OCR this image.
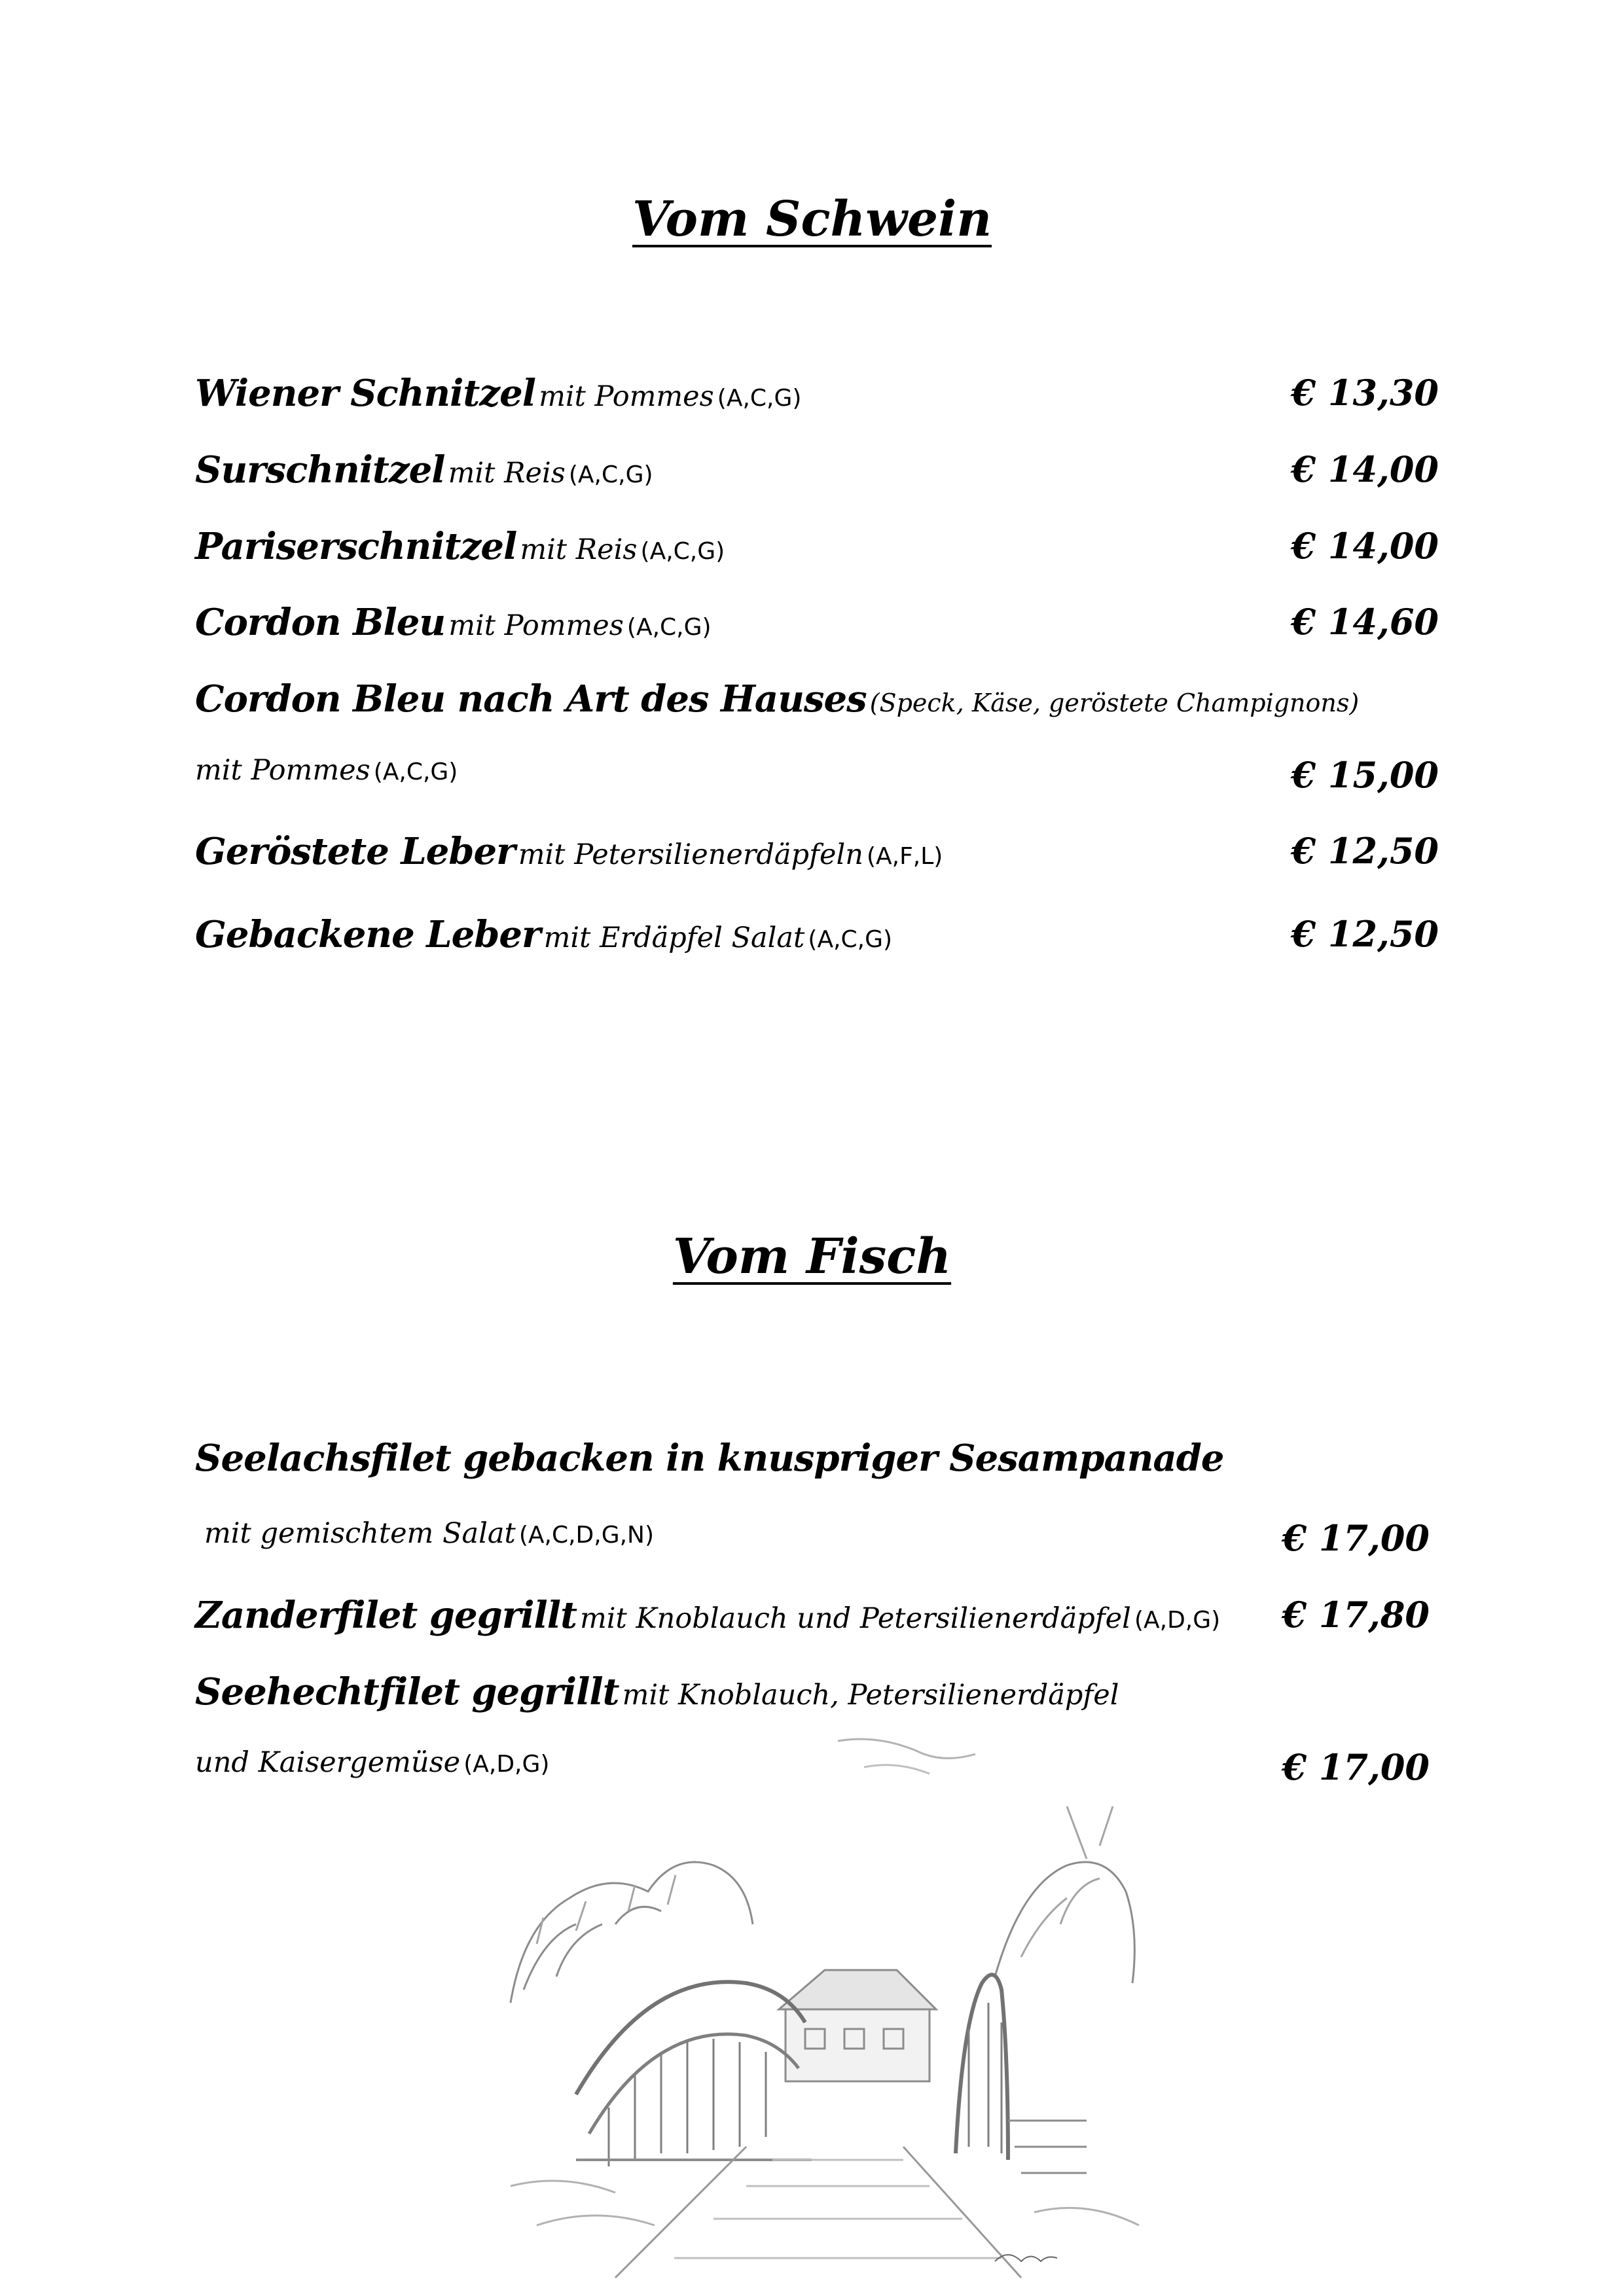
Vom Schwein
Wiener Schnitzel mit Pommes (A,C,G)	€ 13,30
Surschnitzel mit Reis (A,C,G)	€ 14,00
Pariserschnitzel mit Reis (A,C,G)	€ 14,00
Cordon Bleu mit Pommes (A,C,G)	€ 14,60
Cordon Bleu nach Art des Hauses (Speck, Käse, geröstete Champignons)
mit Pommes (A,C,G)	€ 15,00
Geröstete Leber mit Petersilienerdäpfeln (A,F,L)	€ 12,50
Gebackene Leber mit Erdäpfel Salat (A,C,G)	€ 12,50
Vom Fisch
Seelachsfilet gebacken in knuspriger Sesampanade
mit gemischtem Salat (A,C,D,G,N)	€ 17,00
Zanderfilet gegrillt mit Knoblauch und Petersilienerdäpfel (A,D,G) € 17,80
Seehechtfilet gegrillt mit Knoblauch, Petersilienerdäpfel
und Kaisergemüse (A,D,G)	€ 17,00
